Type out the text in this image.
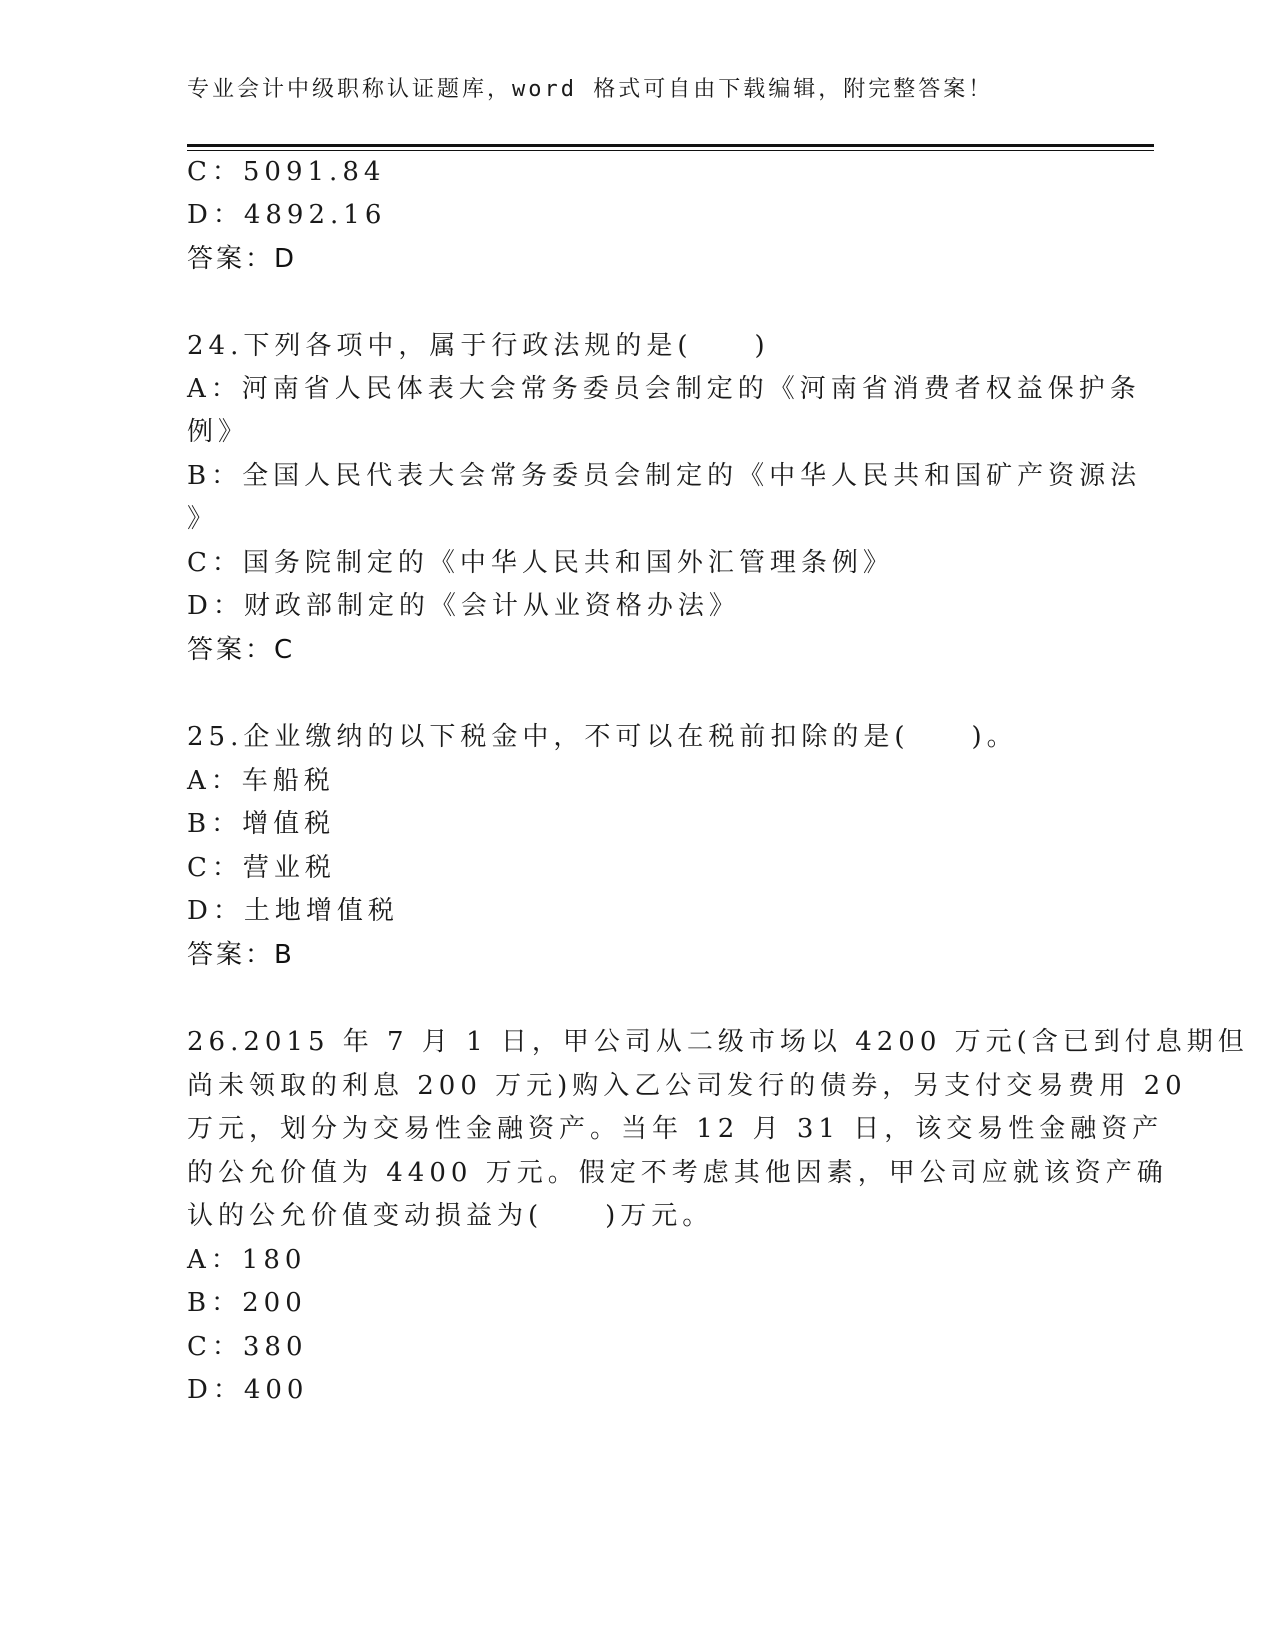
专业会计中级职称认证题库，word 格式可自由下载编辑，附完整答案！
C：5091.84
D：4892.16
答案：D
24.下列各项中，属于行政法规的是(　　)
A：河南省人民体表大会常务委员会制定的《河南省消费者权益保护条
例》
B：全国人民代表大会常务委员会制定的《中华人民共和国矿产资源法
》
C：国务院制定的《中华人民共和国外汇管理条例》
D：财政部制定的《会计从业资格办法》
答案：C
25.企业缴纳的以下税金中，不可以在税前扣除的是(　　)。
A：车船税
B：增值税
C：营业税
D：土地增值税
答案：B
26.2015 年 7 月 1 日，甲公司从二级市场以 4200 万元(含已到付息期但
尚未领取的利息 200 万元)购入乙公司发行的债券，另支付交易费用 20
万元，划分为交易性金融资产。当年 12 月 31 日，该交易性金融资产
的公允价值为 4400 万元。假定不考虑其他因素，甲公司应就该资产确
认的公允价值变动损益为(　　)万元。
A：180
B：200
C：380
D：400
